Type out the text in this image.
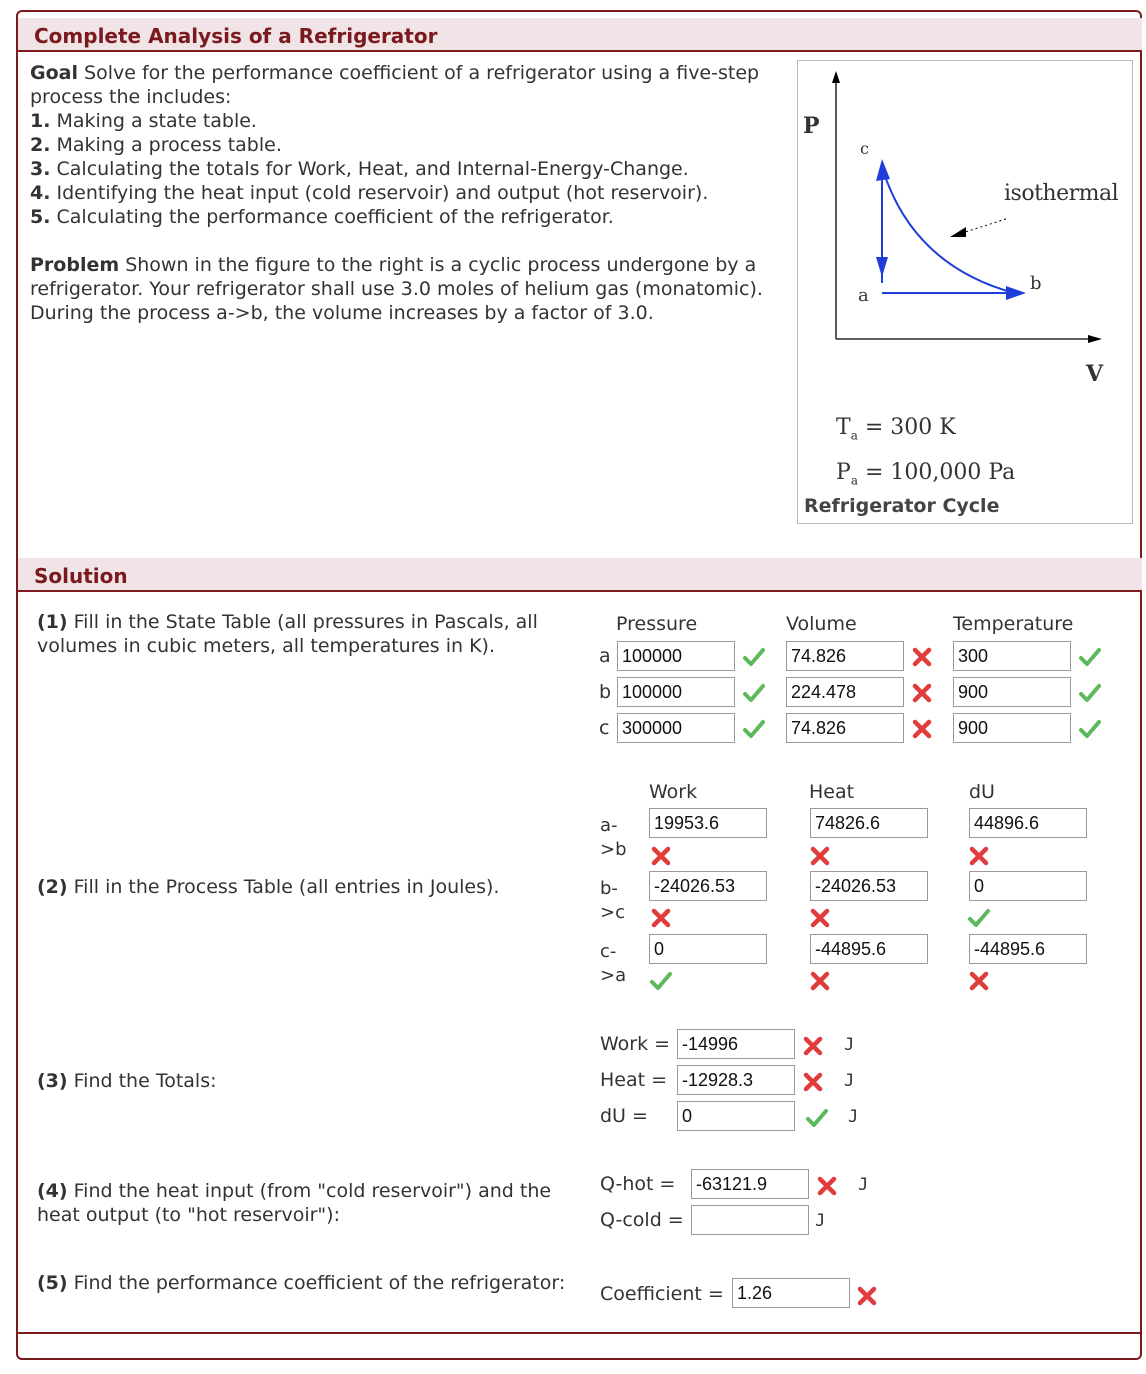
Complete Analysis of a Refrigerator
Goal Solve for the performance coefficient of a refrigerator using a five-step process the includes:
1. Making a state table.
2. Making a process table.
3. Calculating the totals for Work, Heat, and Internal-Energy-Change.
4. Identifying the heat input (cold reservoir) and output (hot reservoir).
5. Calculating the performance coefficient of the refrigerator.
Problem Shown in the figure to the right is a cyclic process undergone by a refrigerator. Your refrigerator shall use 3.0 moles of helium gas (monatomic). During the process a->b, the volume increases by a factor of 3.0.
P
V
a
b
c
isothermal
$T_a = 300$ K
$P_a = 100,000$ Pa
Refrigerator Cycle
Solution
(1) Fill in the State Table (all pressures in Pascals, all volumes in cubic meters, all temperatures in K).
Pressure	Volume	Temperature
a 100000	74.826	300
b 100000	224.478	900
c 300000	74.826	900
(2) Fill in the Process Table (all entries in Joules).
Work	Heat	dU
a-
>b
19953.6	74826.6	44896.6
b-
>c
-24026.53	-24026.53	0
c-
>a
0	-44895.6	-44895.6
(3) Find the Totals:
Work = -14996	J
Heat = -12928.3	J
dU = 0	J
(4) Find the heat input (from "cold reservoir") and the heat output (to "hot reservoir"):
Q-hot = -63121.9	J
Q-cold =	J
(5) Find the performance coefficient of the refrigerator:	Coefficient = 1.26
